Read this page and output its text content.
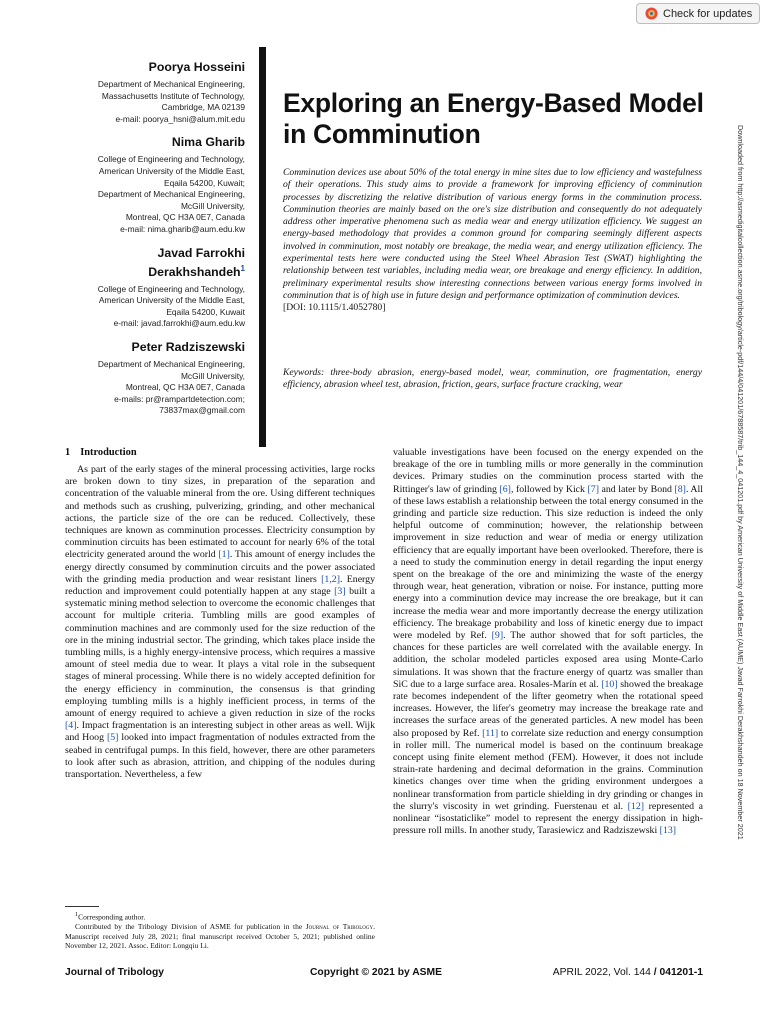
Check for updates
Downloaded from http://asmedigitalcollection.asme.org/tribology/article-pdf/144/4/041201/6788587/trib_144_4_041201.pdf by American University of Middle East (AUME) Javad Farrokhi Derakhshandeh on 18 November 2021

Poorya Hosseini

Department of Mechanical Engineering,
Massachusetts Institute of Technology,
Cambridge, MA 02139
e-mail: poorya_hsni@alum.mit.edu

Nima Gharib

College of Engineering and Technology,
American University of the Middle East,
Eqaila 54200, Kuwait;
Department of Mechanical Engineering,
McGill University,
Montreal, QC H3A 0E7, Canada
e-mail: nima.gharib@aum.edu.kw

Javad Farrokhi

Derakhshandeh$^1$

College of Engineering and Technology,
American University of the Middle East,
Eqaila 54200, Kuwait
e-mail: javad.farrokhi@aum.edu.kw

Peter Radziszewski

Department of Mechanical Engineering,
McGill University,
Montreal, QC H3A 0E7, Canada
e-mails: pr@rampartdetection.com;
73837max@gmail.com
Exploring an Energy-Based Model
in Comminution

Comminution devices use about 50% of the total energy in mine sites due to low efficiency and wastefulness of their operations. This study aims to provide a framework for improving efficiency of comminution processes by discretizing the relative distribution of various energy forms in the comminution process. Comminution theories are mainly based on the ore's size distribution and consequently do not adequately address other imperative phenomena such as media wear and energy utilization efficiency. We suggest an energy-based methodology that provides a common ground for comparing seemingly different aspects involved in comminution, most notably ore breakage, the media wear, and energy utilization efficiency. The experimental tests here were conducted using the Steel Wheel Abrasion Test (SWAT) highlighting the relationship between test variables, including media wear, ore breakage and energy efficiency. In addition, preliminary experimental results show interesting connections between various energy forms involved in comminution that is of high use in future design and performance optimization of comminution devices.
[DOI: 10.1115/1.4052780]

Keywords: three-body abrasion, energy-based model, wear, comminution, ore fragmentation, energy efficiency, abrasion wheel test, abrasion, friction, gears, surface fracture cracking, wear

1 Introduction

As part of the early stages of the mineral processing activities, large rocks are broken down to tiny sizes, in preparation of the separation and concentration of the valuable mineral from the ore. Using different techniques and methods such as crushing, pulverizing, grinding, and other mechanical actions, the particle size of the ore can be reduced. Collectively, these techniques are known as comminution processes. Electricity consumption by comminution circuits has been estimated to account for nearly 6% of the total electricity generated around the world [1]. This amount of energy includes the energy directly consumed by comminution circuits and the power associated with the grinding media production and wear resistant liners [1,2]. Energy reduction and improvement could potentially happen at any stage [3] built a systematic mining method selection to overcome the economic challenges that account for multiple criteria. Tumbling mills are good examples of comminution machines and are commonly used for the size reduction of the ore in the mining industrial sector. The grinding, which takes place inside the tumbling mills, is a highly energy-intensive process, which requires a massive amount of steel media due to wear. It plays a vital role in the subsequent stages of mineral processing. While there is no widely accepted definition for the energy efficiency in comminution, the consensus is that grinding employing tumbling mills is a highly inefficient process, in terms of the amount of energy required to achieve a given reduction in size of the rocks [4]. Impact fragmentation is an interesting subject in other areas as well. Wijk and Hoog [5] looked into impact fragmentation of nodules extracted from the seabed in centrifugal pumps. In this field, however, there are other parameters to look after such as abrasion, attrition, and chipping of the nodules during transportation. Nevertheless, a few

valuable investigations have been focused on the energy expended on the breakage of the ore in tumbling mills or more generally in the comminution devices. Primary studies on the comminution process started with the Rittinger's law of grinding [6], followed by Kick [7] and later by Bond [8]. All of these laws establish a relationship between the total energy consumed in the grinding and particle size reduction. This size reduction is indeed the only helpful outcome of comminution; however, the relationship between improvement in size reduction and wear of media or energy utilization efficiency that are equally important have been overlooked. Therefore, there is a need to study the comminution energy in detail regarding the input energy spent on the breakage of the ore and minimizing the waste of the energy through wear, heat generation, vibration or noise. For instance, putting more energy into a comminution device may increase the ore breakage, but it can increase the media wear and more importantly decrease the energy utilization efficiency. The breakage probability and loss of kinetic energy due to impact were modeled by Ref. [9]. The author showed that for soft particles, the chances for these particles are well correlated with the available energy. In addition, the scholar modeled particles exposed area using Monte-Carlo simulations. It was shown that the fracture energy of quartz was smaller than SiC due to a large surface area. Rosales-Marín et al. [10] showed the breakage rate becomes independent of the lifter geometry when the rotational speed increases. However, the lifer's geometry may increase the breakage rate and increases the surface areas of the generated particles. A new model has been also proposed by Ref. [11] to correlate size reduction and energy consumption in roller mill. The numerical model is based on the continuum breakage concept using finite element method (FEM). However, it does not include strain-rate hardening and decimal deformation in the grains. Comminution kinetics changes over time when the griding environment undergoes a nonlinear transformation from particle shielding in dry grinding or changes in the slurry's viscosity in wet grinding. Fuerstenau et al. [12] represented a nonlinear “isostaticlike” model to represent the energy dissipation in high-pressure roll mills. In another study, Tarasiewicz and Radziszewski [13]

$^1$Corresponding author.

Contributed by the Tribology Division of ASME for publication in the Journal of Tribology. Manuscript received July 28, 2021; final manuscript received October 5, 2021; published online November 12, 2021. Assoc. Editor: Longqiu Li.

Journal of Tribology	Copyright © 2021 by ASME	APRIL 2022, Vol. 144 / 041201-1
